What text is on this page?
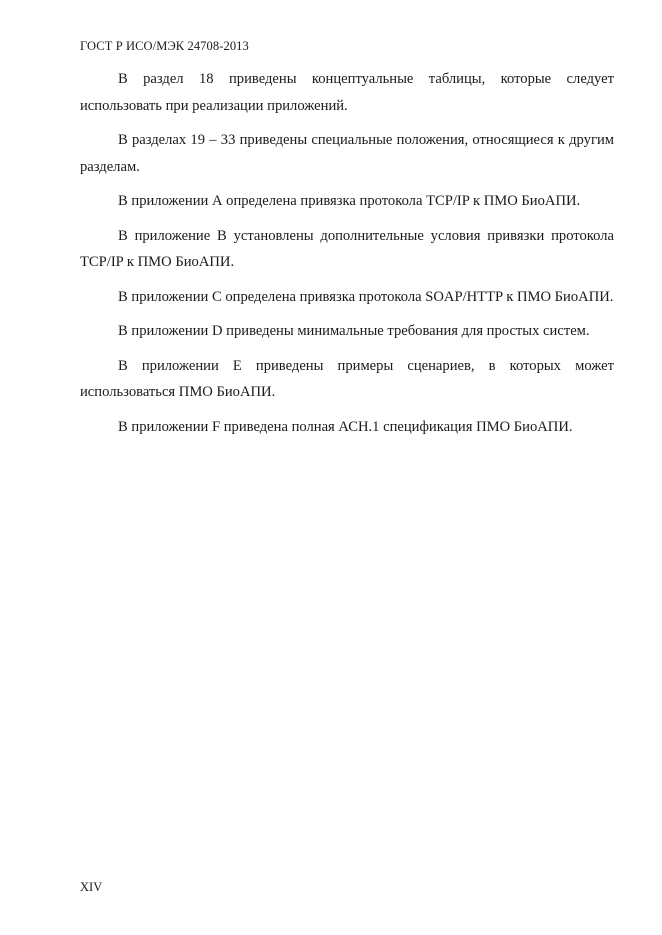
ГОСТ Р ИСО/МЭК 24708-2013

В раздел 18 приведены концептуальные таблицы, которые следует использовать при реализации приложений.

В разделах 19 – 33 приведены специальные положения, относящиеся к другим разделам.

В приложении А определена привязка протокола TCP/IP к ПМО БиоАПИ.

В приложение В установлены дополнительные условия привязки протокола TCP/IP к ПМО БиоАПИ.

В приложении С определена привязка протокола SOAP/HTTP к ПМО БиоАПИ.

В приложении D приведены минимальные требования для простых систем.

В приложении Е приведены примеры сценариев, в которых может использоваться ПМО БиоАПИ.

В приложении F приведена полная АСН.1 спецификация ПМО БиоАПИ.

XIV
